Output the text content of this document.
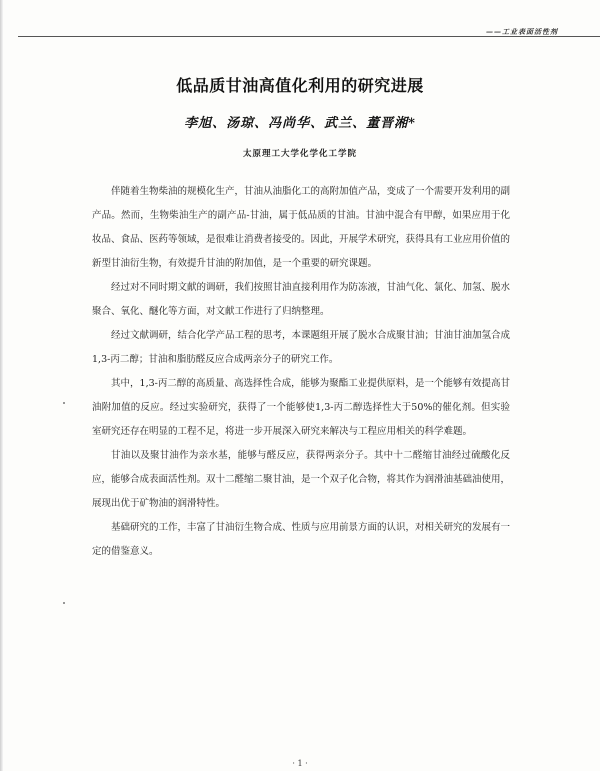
——工业表面活性剂
低品质甘油高值化利用的研究进展
李旭、汤琼、冯尚华、武兰、董晋湘*
太原理工大学化学化工学院

伴随着生物柴油的规模化生产，甘油从油脂化工的高附加值产品，变成了一个需要开发利用的副产品。然而，生物柴油生产的副产品-甘油，属于低品质的甘油。甘油中混合有甲醇，如果应用于化妆品、食品、医药等领域，是很难让消费者接受的。因此，开展学术研究，获得具有工业应用价值的新型甘油衍生物，有效提升甘油的附加值，是一个重要的研究课题。

经过对不同时期文献的调研，我们按照甘油直接利用作为防冻液，甘油气化、氯化、加氢、脱水聚合、氧化、醚化等方面，对文献工作进行了归纳整理。

经过文献调研，结合化学产品工程的思考，本课题组开展了脱水合成聚甘油；甘油甘油加氢合成1,3-丙二醇；甘油和脂肪醛反应合成两亲分子的研究工作。

其中，1,3-丙二醇的高质量、高选择性合成，能够为聚酯工业提供原料，是一个能够有效提高甘油附加值的反应。经过实验研究，获得了一个能够使1,3-丙二醇选择性大于50%的催化剂。但实验室研究还存在明显的工程不足，将进一步开展深入研究来解决与工程应用相关的科学难题。

甘油以及聚甘油作为亲水基，能够与醛反应，获得两亲分子。其中十二醛缩甘油经过硫酸化反应，能够合成表面活性剂。双十二醛缩二聚甘油，是一个双子化合物，将其作为润滑油基础油使用，展现出优于矿物油的润滑特性。

基础研究的工作，丰富了甘油衍生物合成、性质与应用前景方面的认识，对相关研究的发展有一定的借鉴意义。

· 1 ·
